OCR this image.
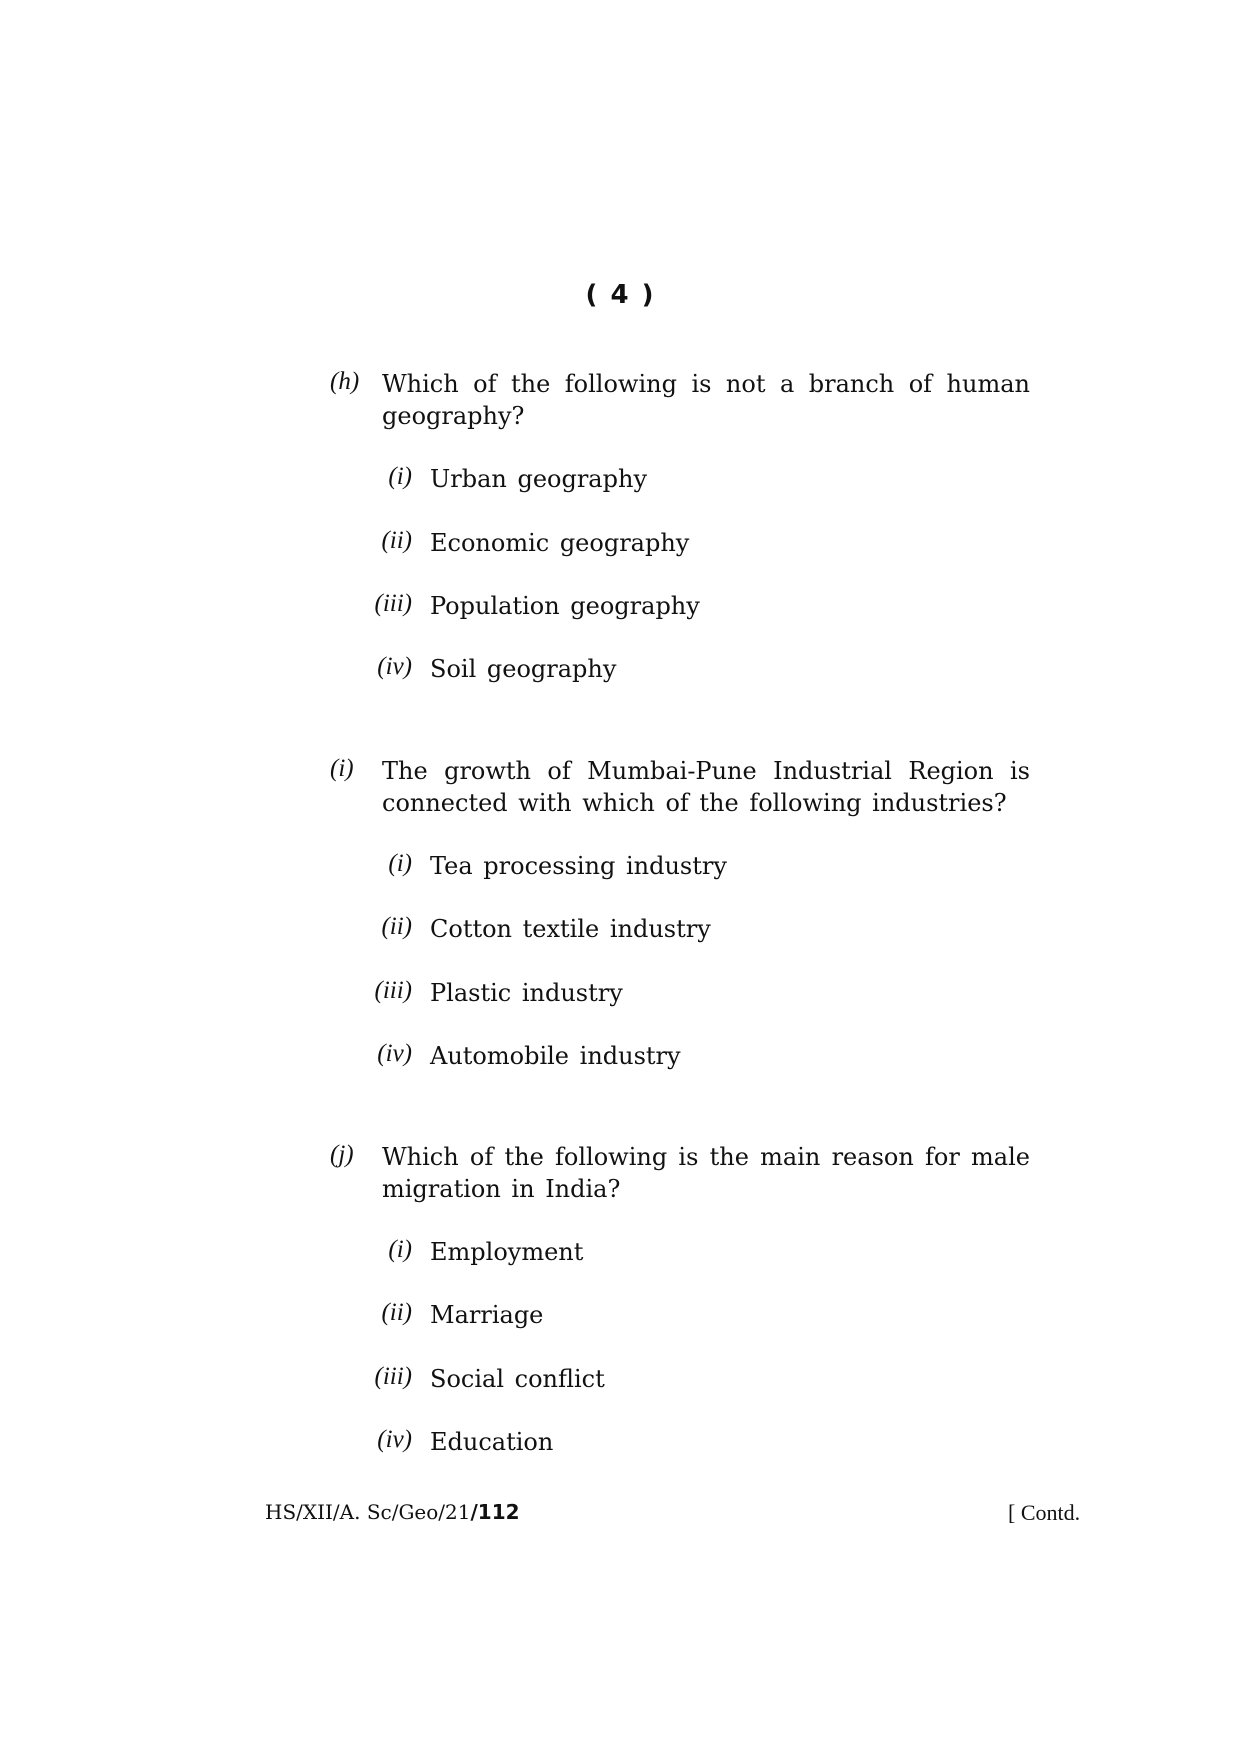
( 4 )
(h) Which of the following is not a branch of human geography?
(i) Urban geography
(ii) Economic geography
(iii) Population geography
(iv) Soil geography
(i) The growth of Mumbai-Pune Industrial Region is connected with which of the following industries?
(i) Tea processing industry
(ii) Cotton textile industry
(iii) Plastic industry
(iv) Automobile industry
(j) Which of the following is the main reason for male migration in India?
(i) Employment
(ii) Marriage
(iii) Social conflict
(iv) Education
HS/XII/A. Sc/Geo/21/112	[ Contd.
